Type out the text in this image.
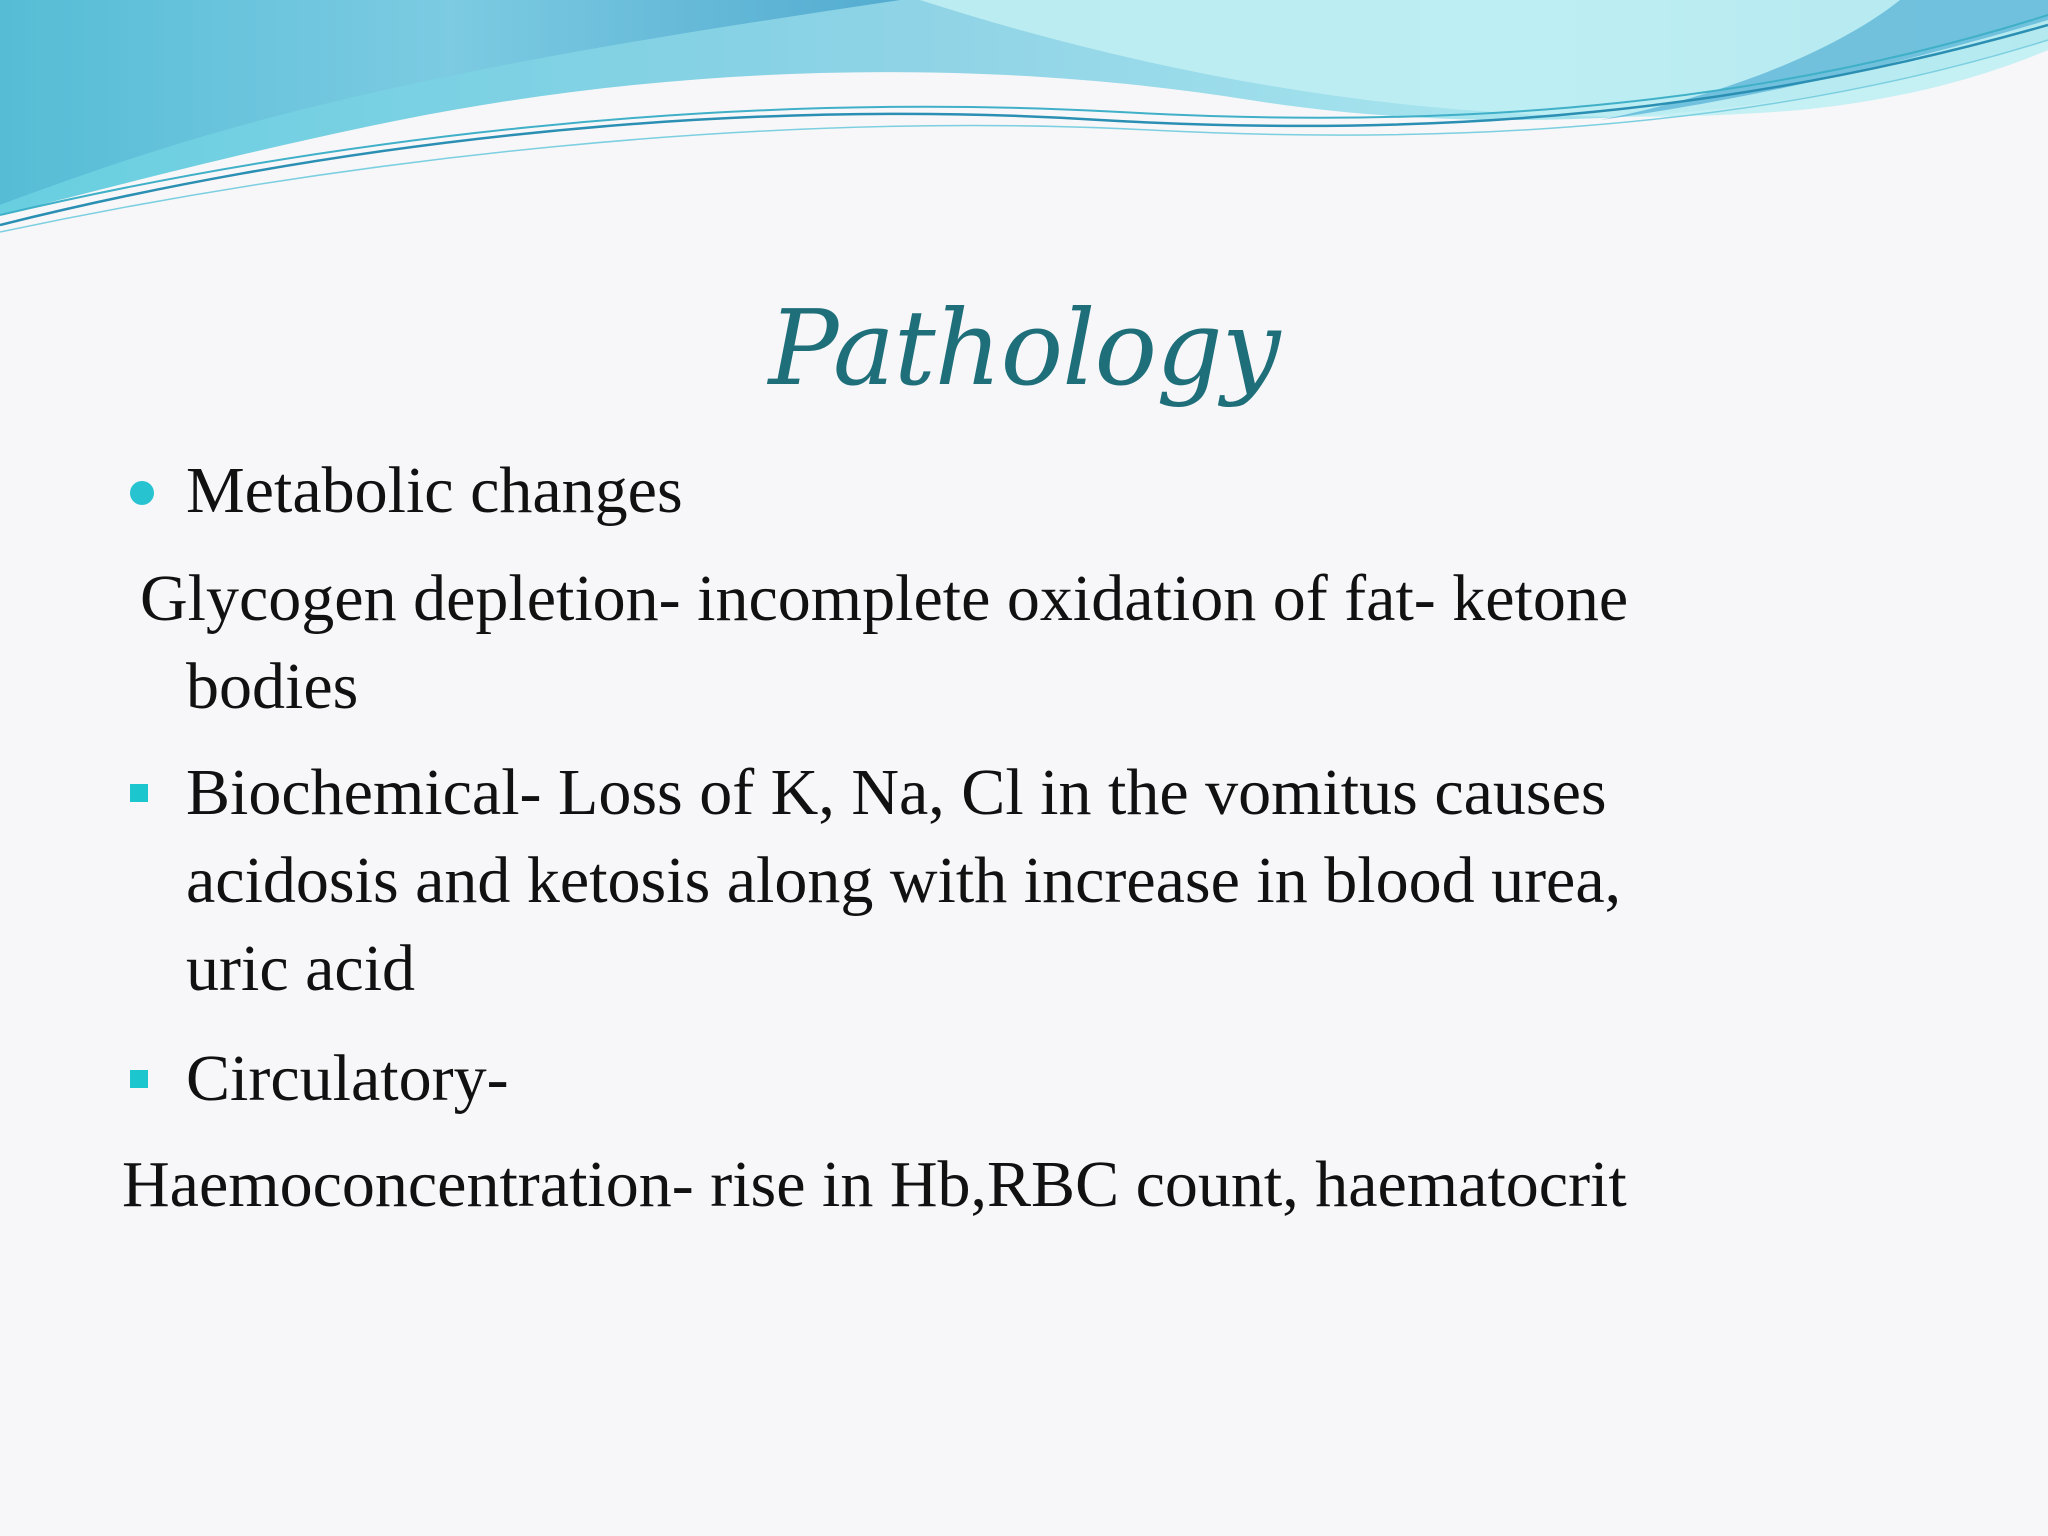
Pathology
Metabolic changes
Glycogen depletion- incomplete oxidation of fat- ketone
bodies
Biochemical- Loss of K, Na, Cl in the vomitus causes
acidosis and ketosis along with increase in blood urea,
uric acid
Circulatory-
Haemoconcentration- rise in Hb,RBC count, haematocrit
